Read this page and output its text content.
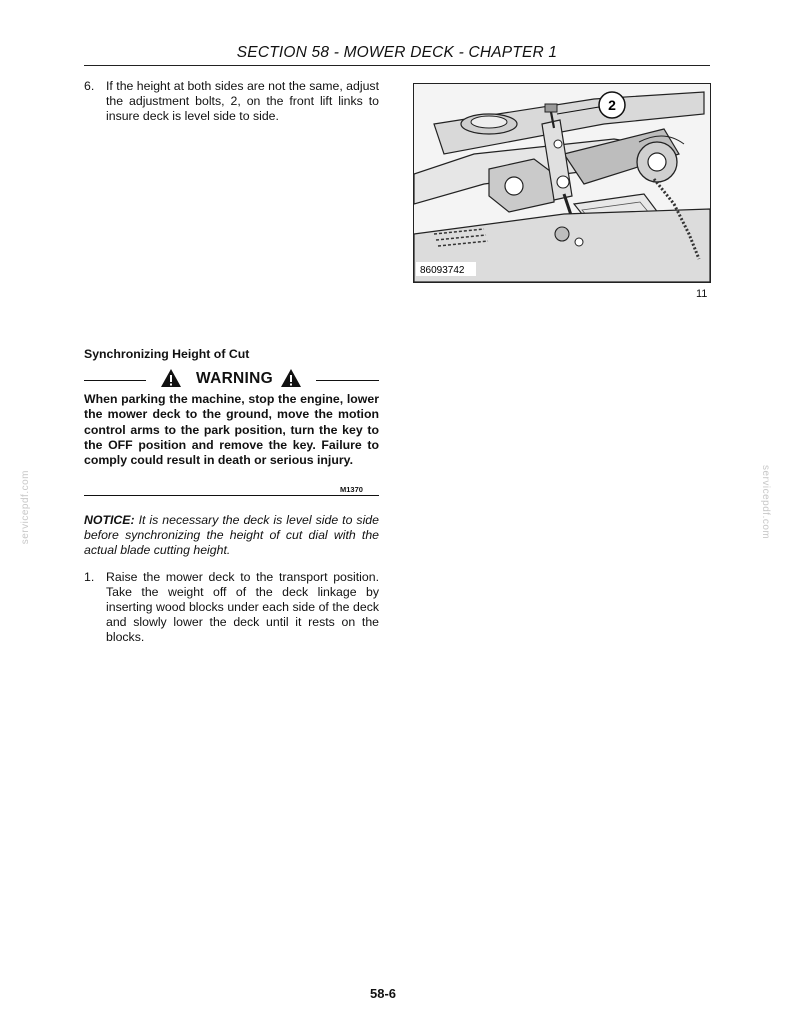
SECTION 58 - MOWER DECK - CHAPTER 1
6. If the height at both sides are not the same, adjust the adjustment bolts, 2, on the front lift links to insure deck is level side to side.
2
86093742
11
Synchronizing Height of Cut
WARNING
When parking the machine, stop the engine, lower the mower deck to the ground, move the motion control arms to the park position, turn the key to the OFF position and remove the key. Failure to comply could result in death or serious injury.
M1370
NOTICE: It is necessary the deck is level side to side before synchronizing the height of cut dial with the actual blade cutting height.
1. Raise the mower deck to the transport position. Take the weight off of the deck linkage by inserting wood blocks under each side of the deck and slowly lower the deck until it rests on the blocks.
servicepdf.com	servicepdf.com
58-6
